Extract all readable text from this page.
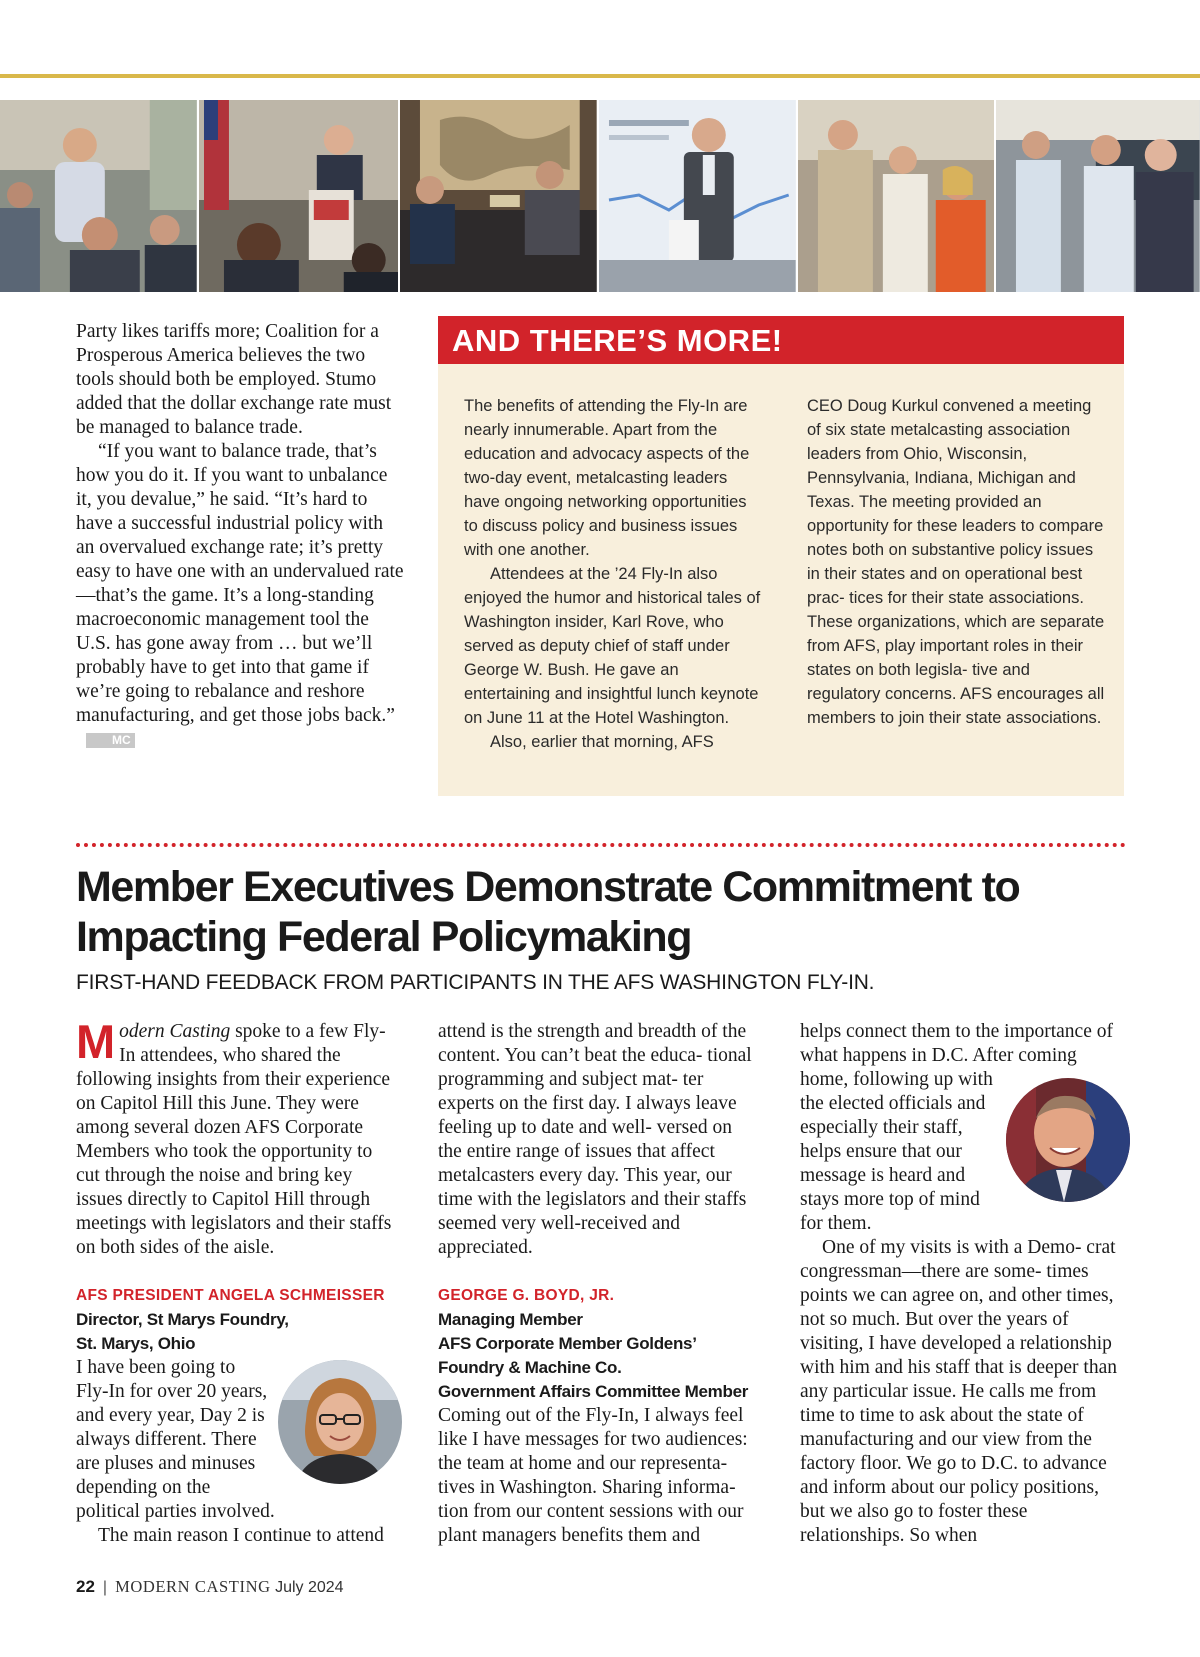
Party likes tariffs more; Coalition for a Prosperous America believes the two tools should both be employed. Stumo added that the dollar exchange rate must be managed to balance trade.

“If you want to balance trade, that’s how you do it. If you want to unbalance it, you devalue,” he said. “It’s hard to have a successful industrial policy with an overvalued exchange rate; it’s pretty easy to have one with an undervalued rate—that’s the game. It’s a long-standing macroeconomic management tool the U.S. has gone away from … but we’ll probably have to get into that game if we’re going to rebalance and reshore manufacturing, and get those jobs back.”MC

AND THERE’S MORE!

The benefits of attending the Fly-In are nearly innumerable. Apart from the education and advocacy aspects of the two-day event, metalcasting leaders have ongoing networking opportunities to discuss policy and business issues with one another.

Attendees at the ’24 Fly-In also enjoyed the humor and historical tales of Washington insider, Karl Rove, who served as deputy chief of staff under George W. Bush. He gave an entertaining and insightful lunch keynote on June 11 at the Hotel Washington.

Also, earlier that morning, AFS

CEO Doug Kurkul convened a meeting of six state metalcasting association leaders from Ohio, Wisconsin, Pennsylvania, Indiana, Michigan and Texas. The meeting provided an opportunity for these leaders to compare notes both on substantive policy issues in their states and on operational best prac- tices for their state associations. These organizations, which are separate from AFS, play important roles in their states on both legisla- tive and regulatory concerns. AFS encourages all members to join their state associations.

Member Executives Demonstrate Commitment to Impacting Federal Policymaking

FIRST-HAND FEEDBACK FROM PARTICIPANTS IN THE AFS WASHINGTON FLY-IN.

Modern Casting spoke to a few Fly-In attendees, who shared the following insights from their experience on Capitol Hill this June. They were among several dozen AFS Corporate Members who took the opportunity to cut through the noise and bring key issues directly to Capitol Hill through meetings with legislators and their staffs on both sides of the aisle.

AFS PRESIDENT ANGELA SCHMEISSER

Director, St Marys Foundry,

St. Marys, Ohio

I have been going to Fly-In for over 20 years, and every year, Day 2 is always different. There are pluses and minuses depending on the political parties involved.

The main reason I continue to attend

attend is the strength and breadth of the content. You can’t beat the educa- tional programming and subject mat- ter experts on the first day. I always leave feeling up to date and well- versed on the entire range of issues that affect metalcasters every day. This year, our time with the legislators and their staffs seemed very well-received and appreciated.

GEORGE G. BOYD, JR.

Managing Member

AFS Corporate Member Goldens’ Foundry & Machine Co.

Government Affairs Committee Member

Coming out of the Fly-In, I always feel like I have messages for two audiences: the team at home and our representa- tives in Washington. Sharing informa- tion from our content sessions with our plant managers benefits them and

helps connect them to the importance of what happens in D.C. After coming home, following up with
the elected officials and especially their staff, helps ensure that our message is heard and stays more top of mind for them.

One of my visits is with a Demo- crat congressman—there are some- times points we can agree on, and other times, not so much. But over the years of visiting, I have developed a relationship with him and his staff that is deeper than any particular issue. He calls me from time to time to ask about the state of manufacturing and our view from the factory floor. We go to D.C. to advance and inform about our policy positions, but we also go to foster these relationships. So when

22 | MODERN CASTING July 2024
